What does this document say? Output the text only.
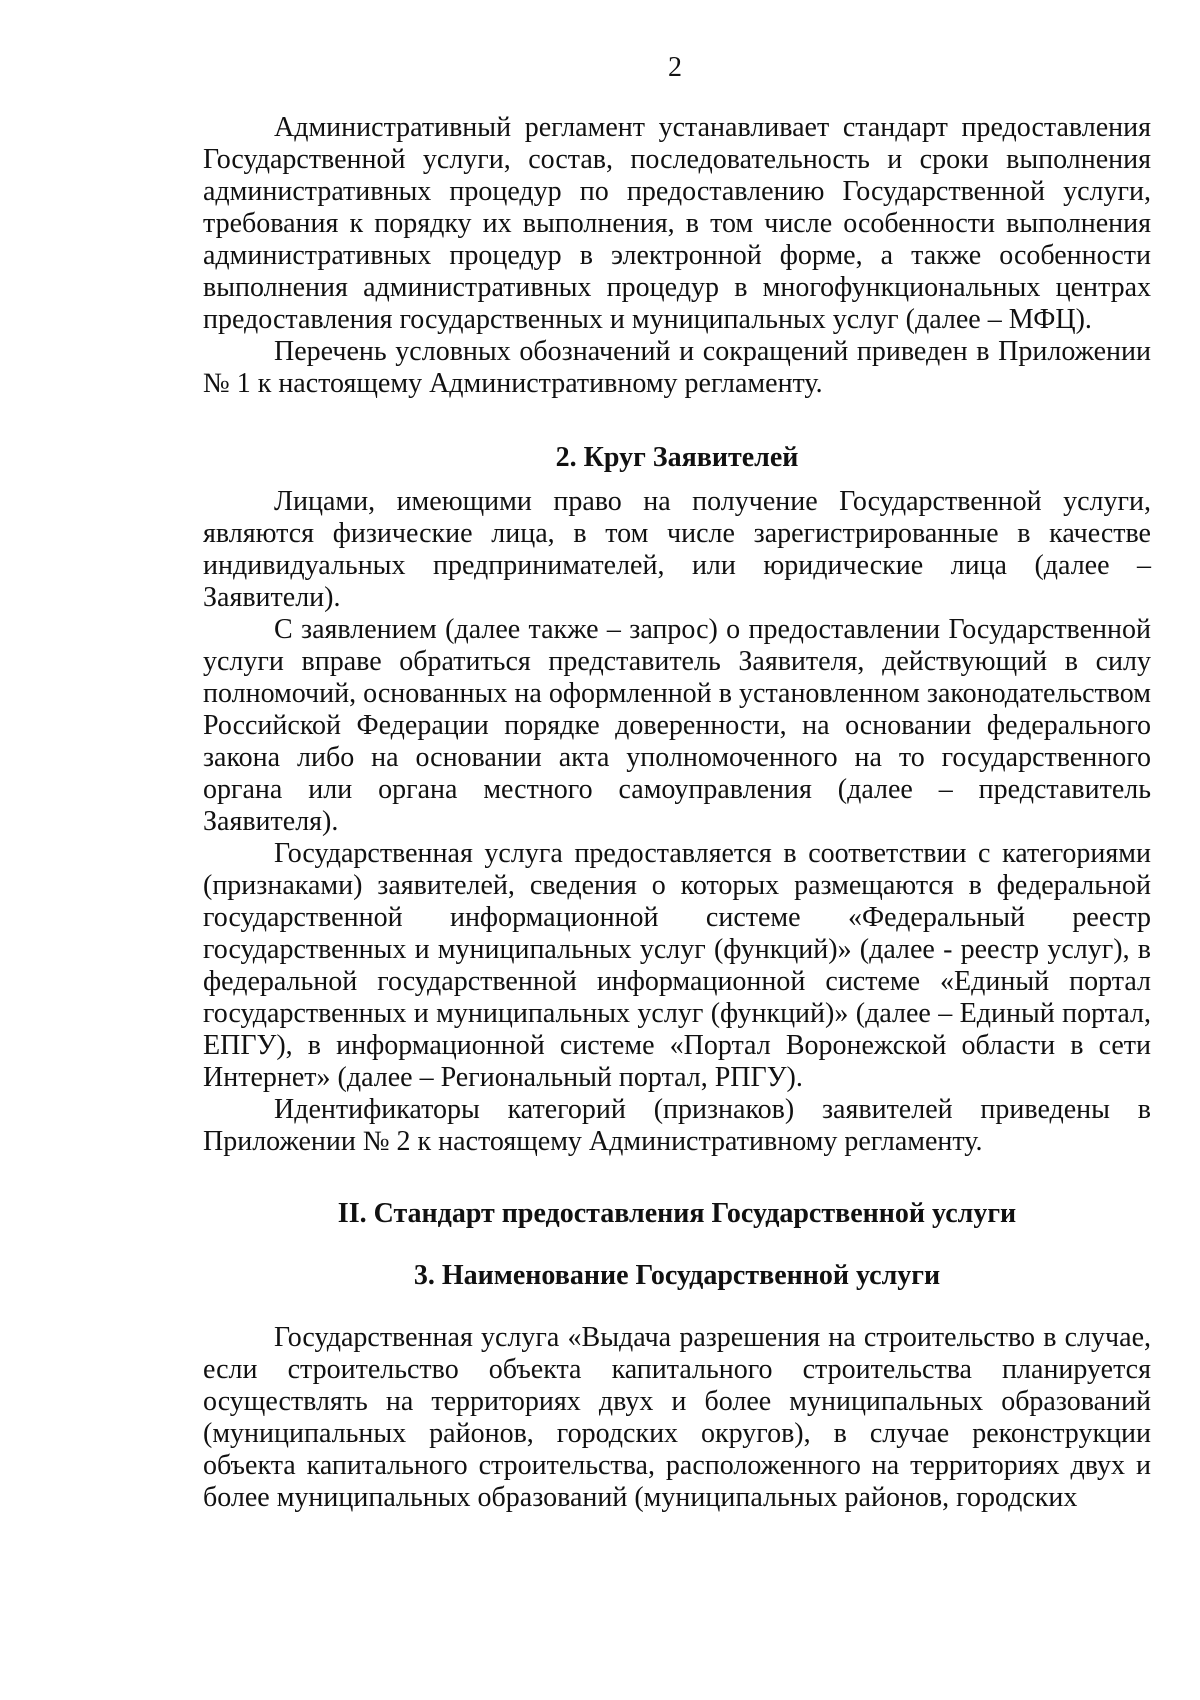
2

Административный регламент устанавливает стандарт предоставления Государственной услуги, состав, последовательность и сроки выполнения административных процедур по предоставлению Государственной услуги, требования к порядку их выполнения, в том числе особенности выполнения административных процедур в электронной форме, а также особенности выполнения административных процедур в многофункциональных центрах предоставления государственных и муниципальных услуг (далее – МФЦ).

Перечень условных обозначений и сокращений приведен в Приложении № 1 к настоящему Административному регламенту.

2. Круг Заявителей

Лицами, имеющими право на получение Государственной услуги, являются физические лица, в том числе зарегистрированные в качестве индивидуальных предпринимателей, или юридические лица (далее – Заявители).

С заявлением (далее также – запрос) о предоставлении Государственной услуги вправе обратиться представитель Заявителя, действующий в силу полномочий, основанных на оформленной в установленном законодательством Российской Федерации порядке доверенности, на основании федерального закона либо на основании акта уполномоченного на то государственного органа или органа местного самоуправления (далее – представитель Заявителя).

Государственная услуга предоставляется в соответствии с категориями (признаками) заявителей, сведения о которых размещаются в федеральной государственной информационной системе «Федеральный реестр государственных и муниципальных услуг (функций)» (далее - реестр услуг), в федеральной государственной информационной системе «Единый портал государственных и муниципальных услуг (функций)» (далее – Единый портал, ЕПГУ), в информационной системе «Портал Воронежской области в сети Интернет» (далее – Региональный портал, РПГУ).

Идентификаторы категорий (признаков) заявителей приведены в Приложении № 2 к настоящему Административному регламенту.

II. Стандарт предоставления Государственной услуги
3. Наименование Государственной услуги

Государственная услуга «Выдача разрешения на строительство в случае, если строительство объекта капитального строительства планируется осуществлять на территориях двух и более муниципальных образований (муниципальных районов, городских округов), в случае реконструкции объекта капитального строительства, расположенного на территориях двух и более муниципальных образований (муниципальных районов, городских
